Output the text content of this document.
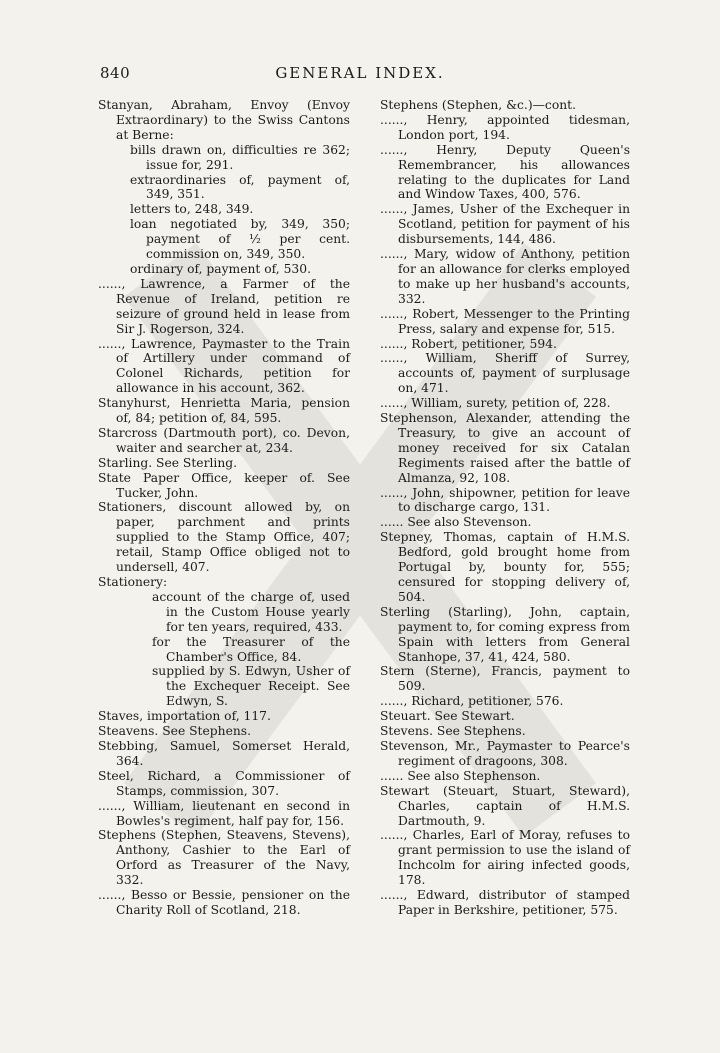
840	GENERAL INDEX.
Stanyan, Abraham, Envoy (Envoy Extraordinary) to the Swiss Cantons at Berne:
bills drawn on, difficulties re 362; issue for, 291.
extraordinaries of, payment of, 349, 351.
letters to, 248, 349.
loan negotiated by, 349, 350; payment of ½ per cent. commission on, 349, 350.
ordinary of, payment of, 530.
......, Lawrence, a Farmer of the Revenue of Ireland, petition re seizure of ground held in lease from Sir J. Rogerson, 324.
......, Lawrence, Paymaster to the Train of Artillery under command of Colonel Richards, petition for allowance in his account, 362.
Stanyhurst, Henrietta Maria, pension of, 84; petition of, 84, 595.
Starcross (Dartmouth port), co. Devon, waiter and searcher at, 234.
Starling. See Sterling.
State Paper Office, keeper of. See Tucker, John.
Stationers, discount allowed by, on paper, parchment and prints supplied to the Stamp Office, 407; retail, Stamp Office obliged not to undersell, 407.
Stationery:
account of the charge of, used in the Custom House yearly for ten years, required, 433.
for the Treasurer of the Chamber's Office, 84.
supplied by S. Edwyn, Usher of the Exchequer Receipt. See Edwyn, S.
Staves, importation of, 117.
Steavens. See Stephens.
Stebbing, Samuel, Somerset Herald, 364.
Steel, Richard, a Commissioner of Stamps, commission, 307.
......, William, lieutenant en second in Bowles's regiment, half pay for, 156.
Stephens (Stephen, Steavens, Stevens), Anthony, Cashier to the Earl of Orford as Treasurer of the Navy, 332.
......, Besso or Bessie, pensioner on the Charity Roll of Scotland, 218.
Stephens (Stephen, &c.)—cont.
......, Henry, appointed tidesman, London port, 194.
......, Henry, Deputy Queen's Remembrancer, his allowances relating to the duplicates for Land and Window Taxes, 400, 576.
......, James, Usher of the Exchequer in Scotland, petition for payment of his disbursements, 144, 486.
......, Mary, widow of Anthony, petition for an allowance for clerks employed to make up her husband's accounts, 332.
......, Robert, Messenger to the Printing Press, salary and expense for, 515.
......, Robert, petitioner, 594.
......, William, Sheriff of Surrey, accounts of, payment of surplusage on, 471.
......, William, surety, petition of, 228.
Stephenson, Alexander, attending the Treasury, to give an account of money received for six Catalan Regiments raised after the battle of Almanza, 92, 108.
......, John, shipowner, petition for leave to discharge cargo, 131.
...... See also Stevenson.
Stepney, Thomas, captain of H.M.S. Bedford, gold brought home from Portugal by, bounty for, 555; censured for stopping delivery of, 504.
Sterling (Starling), John, captain, payment to, for coming express from Spain with letters from General Stanhope, 37, 41, 424, 580.
Stern (Sterne), Francis, payment to 509.
......, Richard, petitioner, 576.
Steuart. See Stewart.
Stevens. See Stephens.
Stevenson, Mr., Paymaster to Pearce's regiment of dragoons, 308.
...... See also Stephenson.
Stewart (Steuart, Stuart, Steward), Charles, captain of H.M.S. Dartmouth, 9.
......, Charles, Earl of Moray, refuses to grant permission to use the island of Inchcolm for airing infected goods, 178.
......, Edward, distributor of stamped Paper in Berkshire, petitioner, 575.
